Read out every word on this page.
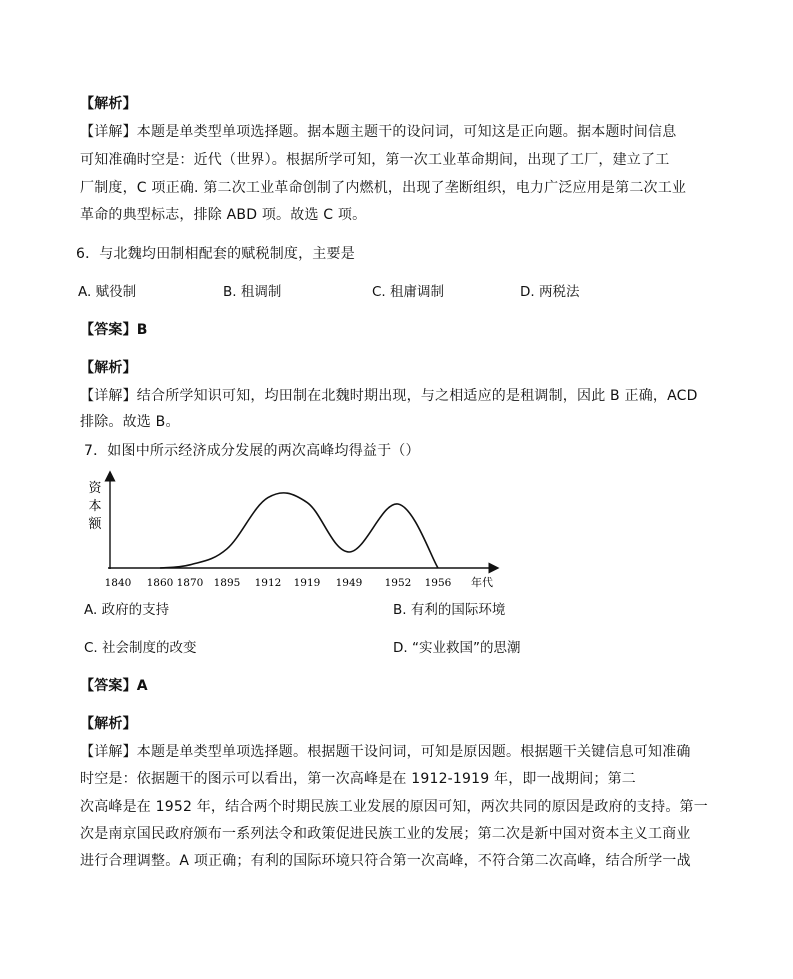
【解析】
【详解】本题是单类型单项选择题。据本题主题干的设问词，可知这是正向题。据本题时间信息
可知准确时空是：近代（世界）。根据所学可知，第一次工业革命期间，出现了工厂，建立了工
厂制度，C 项正确. 第二次工业革命创制了内燃机，出现了垄断组织，电力广泛应用是第二次工业
革命的典型标志，排除 ABD 项。故选 C 项。
6．与北魏均田制相配套的赋税制度，主要是
A. 赋役制	B. 租调制	C. 租庸调制	D. 两税法
【答案】B
【解析】
【详解】结合所学知识可知，均田制在北魏时期出现，与之相适应的是租调制，因此 B 正确，ACD
排除。故选 B。
7．如图中所示经济成分发展的两次高峰均得益于（）
资本额
1840 1860 1870 1895 1912 1919 1949 1952 1956 年代
A. 政府的支持	B. 有利的国际环境
C. 社会制度的改变	D. “实业救国”的思潮
【答案】A
【解析】
【详解】本题是单类型单项选择题。根据题干设问词，可知是原因题。根据题干关键信息可知准确
时空是：依据题干的图示可以看出，第一次高峰是在 1912-1919 年，即一战期间；第二
次高峰是在 1952 年，结合两个时期民族工业发展的原因可知，两次共同的原因是政府的支持。第一
次是南京国民政府颁布一系列法令和政策促进民族工业的发展；第二次是新中国对资本主义工商业
进行合理调整。A 项正确；有利的国际环境只符合第一次高峰，不符合第二次高峰，结合所学一战
